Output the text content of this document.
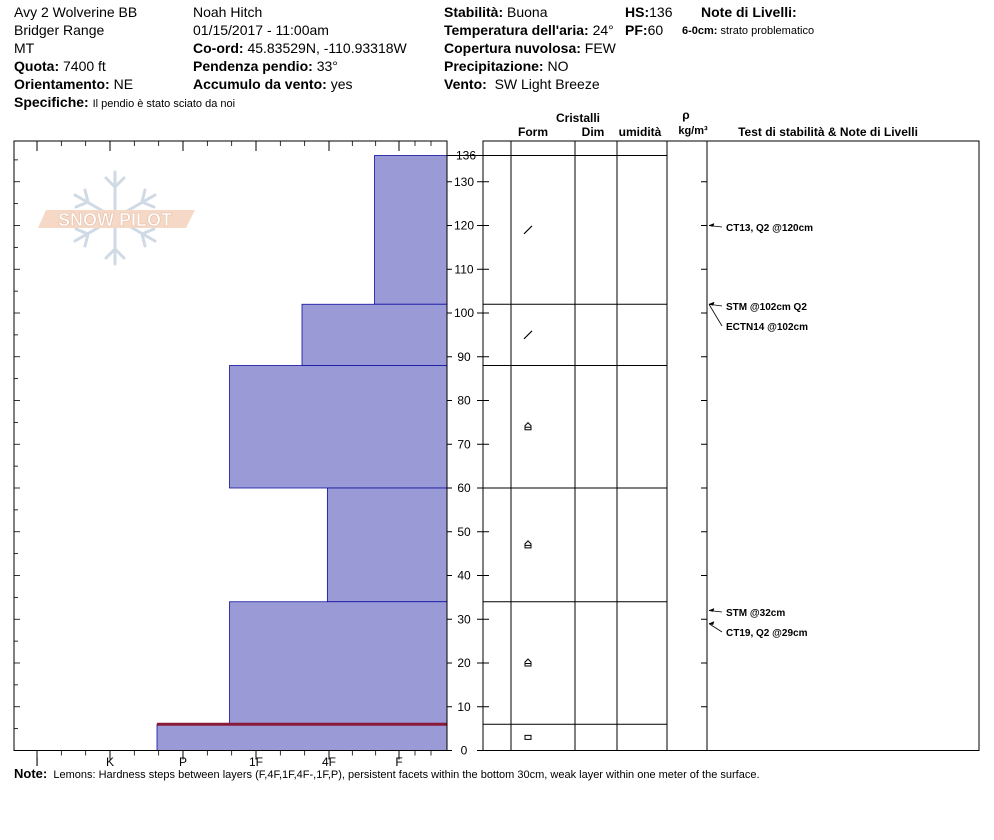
Avy 2 Wolverine BB
Bridger Range
MT
Quota: 7400 ft
Orientamento: NE
Specifiche: Il pendio è stato sciato da noi
Noah Hitch
01/15/2017 - 11:00am
Co-ord: 45.83529N, -110.93318W
Pendenza pendio: 33°
Accumulo da vento: yes
Stabilità: Buona
Temperatura dell'aria: 24°
Copertura nuvolosa: FEW
Precipitazione: NO
Vento: SW Light Breeze
HS:136
PF:60
Note di Livelli:
6-0cm: strato problematico
SNOW PILOT
Cristalli
Form	Dim umidità
ρ
kg/m³	Test di stabilità & Note di Livelli
I	K	P	1F	4F	F
0
10
20
30
40
50
60
70
80
90
100
110
120
130
136
CT13, Q2 @120cm
STM @102cm Q2
ECTN14 @102cm
STM @32cm
CT19, Q2 @29cm
Note: Lemons: Hardness steps between layers (F,4F,1F,4F-,1F,P), persistent facets within the bottom 30cm, weak layer within one meter of the surface.
